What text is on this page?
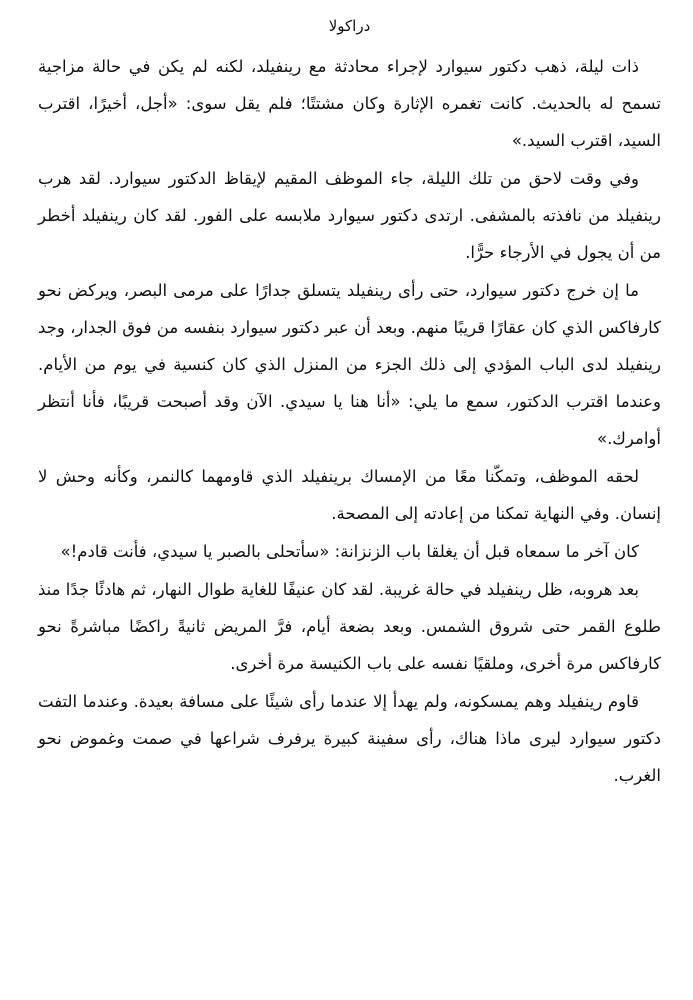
دراكولا

ذات ليلة، ذهب دكتور سيوارد لإجراء محادثة مع رينفيلد، لكنه لم يكن في حالة مزاجية تسمح له بالحديث. كانت تغمره الإثارة وكان مشتتًا؛ فلم يقل سوى: «أجل، أخيرًا، اقترب السيد، اقترب السيد.»

وفي وقت لاحق من تلك الليلة، جاء الموظف المقيم لإيقاظ الدكتور سيوارد. لقد هرب رينفيلد من نافذته بالمشفى. ارتدى دكتور سيوارد ملابسه على الفور. لقد كان رينفيلد أخطر من أن يجول في الأرجاء حرًّا.

ما إن خرج دكتور سيوارد، حتى رأى رينفيلد يتسلق جدارًا على مرمى البصر، ويركض نحو كارفاكس الذي كان عقارًا قريبًا منهم. وبعد أن عبر دكتور سيوارد بنفسه من فوق الجدار، وجد رينفيلد لدى الباب المؤدي إلى ذلك الجزء من المنزل الذي كان كنسية في يوم من الأيام. وعندما اقترب الدكتور، سمع ما يلي: «أنا هنا يا سيدي. الآن وقد أصبحت قريبًا، فأنا أنتظر أوامرك.»

لحقه الموظف، وتمكّنا معًا من الإمساك برينفيلد الذي قاومهما كالنمر، وكأنه وحش لا إنسان. وفي النهاية تمكنا من إعادته إلى المصحة.

كان آخر ما سمعاه قبل أن يغلقا باب الزنزانة: «سأتحلى بالصبر يا سيدي، فأنت قادم!»

بعد هروبه، ظل رينفيلد في حالة غريبة. لقد كان عنيفًا للغاية طوال النهار، ثم هادئًا جدًا منذ طلوع القمر حتى شروق الشمس. وبعد بضعة أيام، فرَّ المريض ثانيةً راكضًا مباشرةً نحو كارفاكس مرة أخرى، وملقيًا نفسه على باب الكنيسة مرة أخرى.

قاوم رينفيلد وهم يمسكونه، ولم يهدأ إلا عندما رأى شيئًا على مسافة بعيدة. وعندما التفت دكتور سيوارد ليرى ماذا هناك، رأى سفينة كبيرة يرفرف شراعها في صمت وغموض نحو الغرب.
